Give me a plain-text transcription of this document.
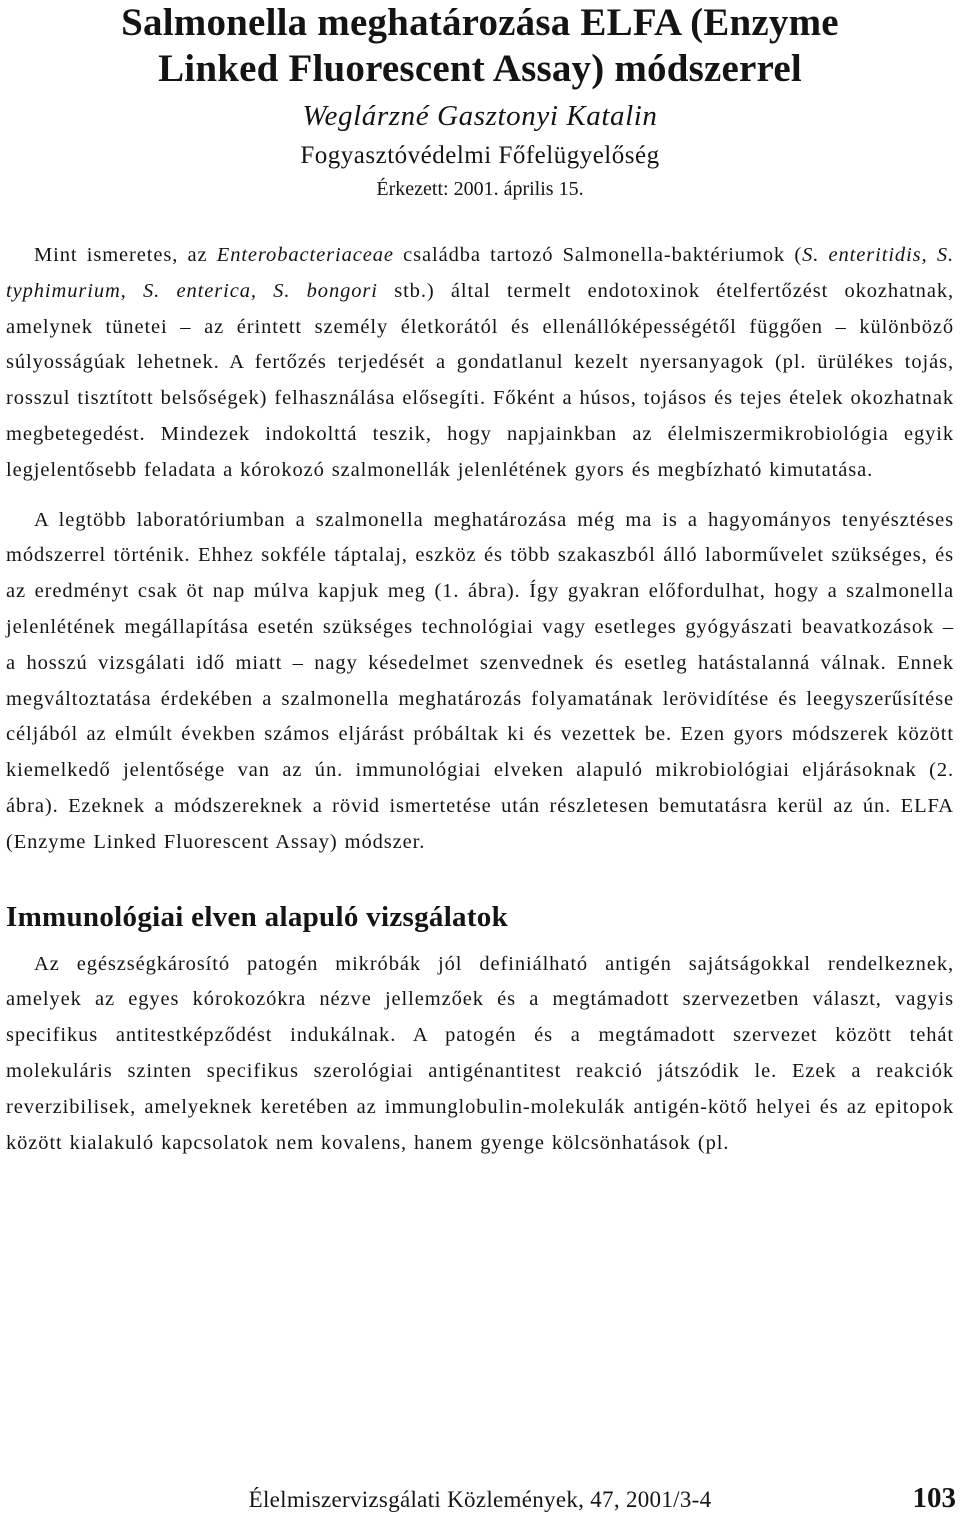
Salmonella meghatározása ELFA (Enzyme
Linked Fluorescent Assay) módszerrel

Weglárzné Gasztonyi Katalin

Fogyasztóvédelmi Főfelügyelőség

Érkezett: 2001. április 15.

Mint ismeretes, az Enterobacteriaceae családba tartozó Salmonella-baktériumok (S. enteritidis, S. typhimurium, S. enterica, S. bongori stb.) által termelt endotoxinok ételfertőzést okozhatnak, amelynek tünetei – az érintett személy életkorától és ellenállóképességétől függően – különböző súlyosságúak lehetnek. A fertőzés terjedését a gondatlanul kezelt nyersanyagok (pl. ürülékes tojás, rosszul tisztított belsőségek) felhasználása elősegíti. Főként a húsos, tojásos és tejes ételek okozhatnak megbetegedést. Mindezek indokolttá teszik, hogy napjainkban az élelmiszermikrobiológia egyik legjelentősebb feladata a kórokozó szalmonellák jelenlétének gyors és megbízható kimutatása.

A legtöbb laboratóriumban a szalmonella meghatározása még ma is a hagyományos tenyésztéses módszerrel történik. Ehhez sokféle táptalaj, eszköz és több szakaszból álló laborművelet szükséges, és az eredményt csak öt nap múlva kapjuk meg (1. ábra). Így gyakran előfordulhat, hogy a szalmonella jelenlétének megállapítása esetén szükséges technológiai vagy esetleges gyógyászati beavatkozások – a hosszú vizsgálati idő miatt – nagy késedelmet szenvednek és esetleg hatástalanná válnak. Ennek megváltoztatása érdekében a szalmonella meghatározás folyamatának lerövidítése és leegyszerűsítése céljából az elmúlt években számos eljárást próbáltak ki és vezettek be. Ezen gyors módszerek között kiemelkedő jelentősége van az ún. immunológiai elveken alapuló mikrobiológiai eljárásoknak (2. ábra). Ezeknek a módszereknek a rövid ismertetése után részletesen bemutatásra kerül az ún. ELFA (Enzyme Linked Fluorescent Assay) módszer.

Immunológiai elven alapuló vizsgálatok

Az egészségkárosító patogén mikróbák jól definiálható antigén sajátságokkal rendelkeznek, amelyek az egyes kórokozókra nézve jellemzőek és a megtámadott szervezetben választ, vagyis specifikus antitestképződést indukálnak. A patogén és a megtámadott szervezet között tehát molekuláris szinten specifikus szerológiai antigénantitest reakció játszódik le. Ezek a reakciók reverzibilisek, amelyeknek keretében az immunglobulin-molekulák antigén-kötő helyei és az epitopok között kialakuló kapcsolatok nem kovalens, hanem gyenge kölcsönhatások (pl.

Élelmiszervizsgálati Közlemények, 47, 2001/3-4	103
